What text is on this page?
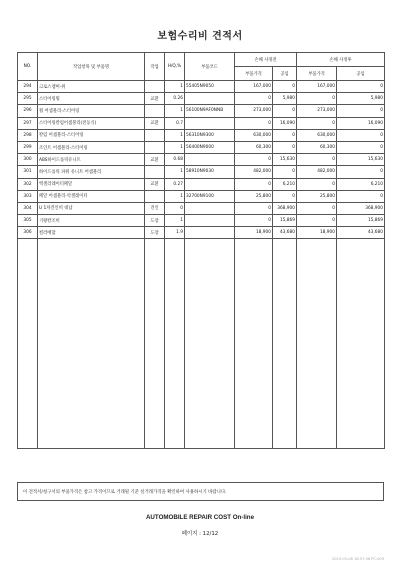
보험수리비 견적서
NO.	작업항목 및 부품명	작업	H/Q,%	부품코드	손해 사정전		손해 사정후	
					부품가격	공임	부품가격	공임
294	크로스멤버-위		1	55405N9050	167,000	0	167,000	0
295	스티어링휠	교환	0.26		0	5,980	0	5,980
296	휠 어셈블리-스티어링		1	56100N9AF0NNB	273,000	0	273,000	0
297	스티어링칼럼어셈블리(전동식)	교환	0.7		0	16,090	0	16,090
298	칼럼 어셈블리-스티어링		1	56310N9300	630,000	0	630,000	0
299	조인트 어셈블리-스티어링		1	56400N9000	60,300	0	60,300	0
300	ABS하이드롤릭유니트	교환	0.68		0	15,630	0	15,630
301	하이드롤릭 파워 유니트 어셈블리		1	58910N9030	482,000	0	482,000	0
302	엑셀러레이터페달	교환	0.27		0	6,210	0	6,210
303	페달 어셈블리-악셀레이터		1	32700N9100	25,800	0	25,800	0
304	U 1차견인비 대납	견인	0		0	368,900	0	368,900
305	기왕칼조비	도장	1		0	15,869	0	15,869
306	컬러배합	도장	1.9		18,900	43,680	18,900	43,680

이 견적서/청구서의 부품가격은 참고 가격이므로 거래될 기준 실거래가격을 확인하여 사용하시기 바랍니다.
AUTOMOBILE REPAIR COST On-line
페이지 : 12/12
2019-03-08 18:57:36 PC:009
